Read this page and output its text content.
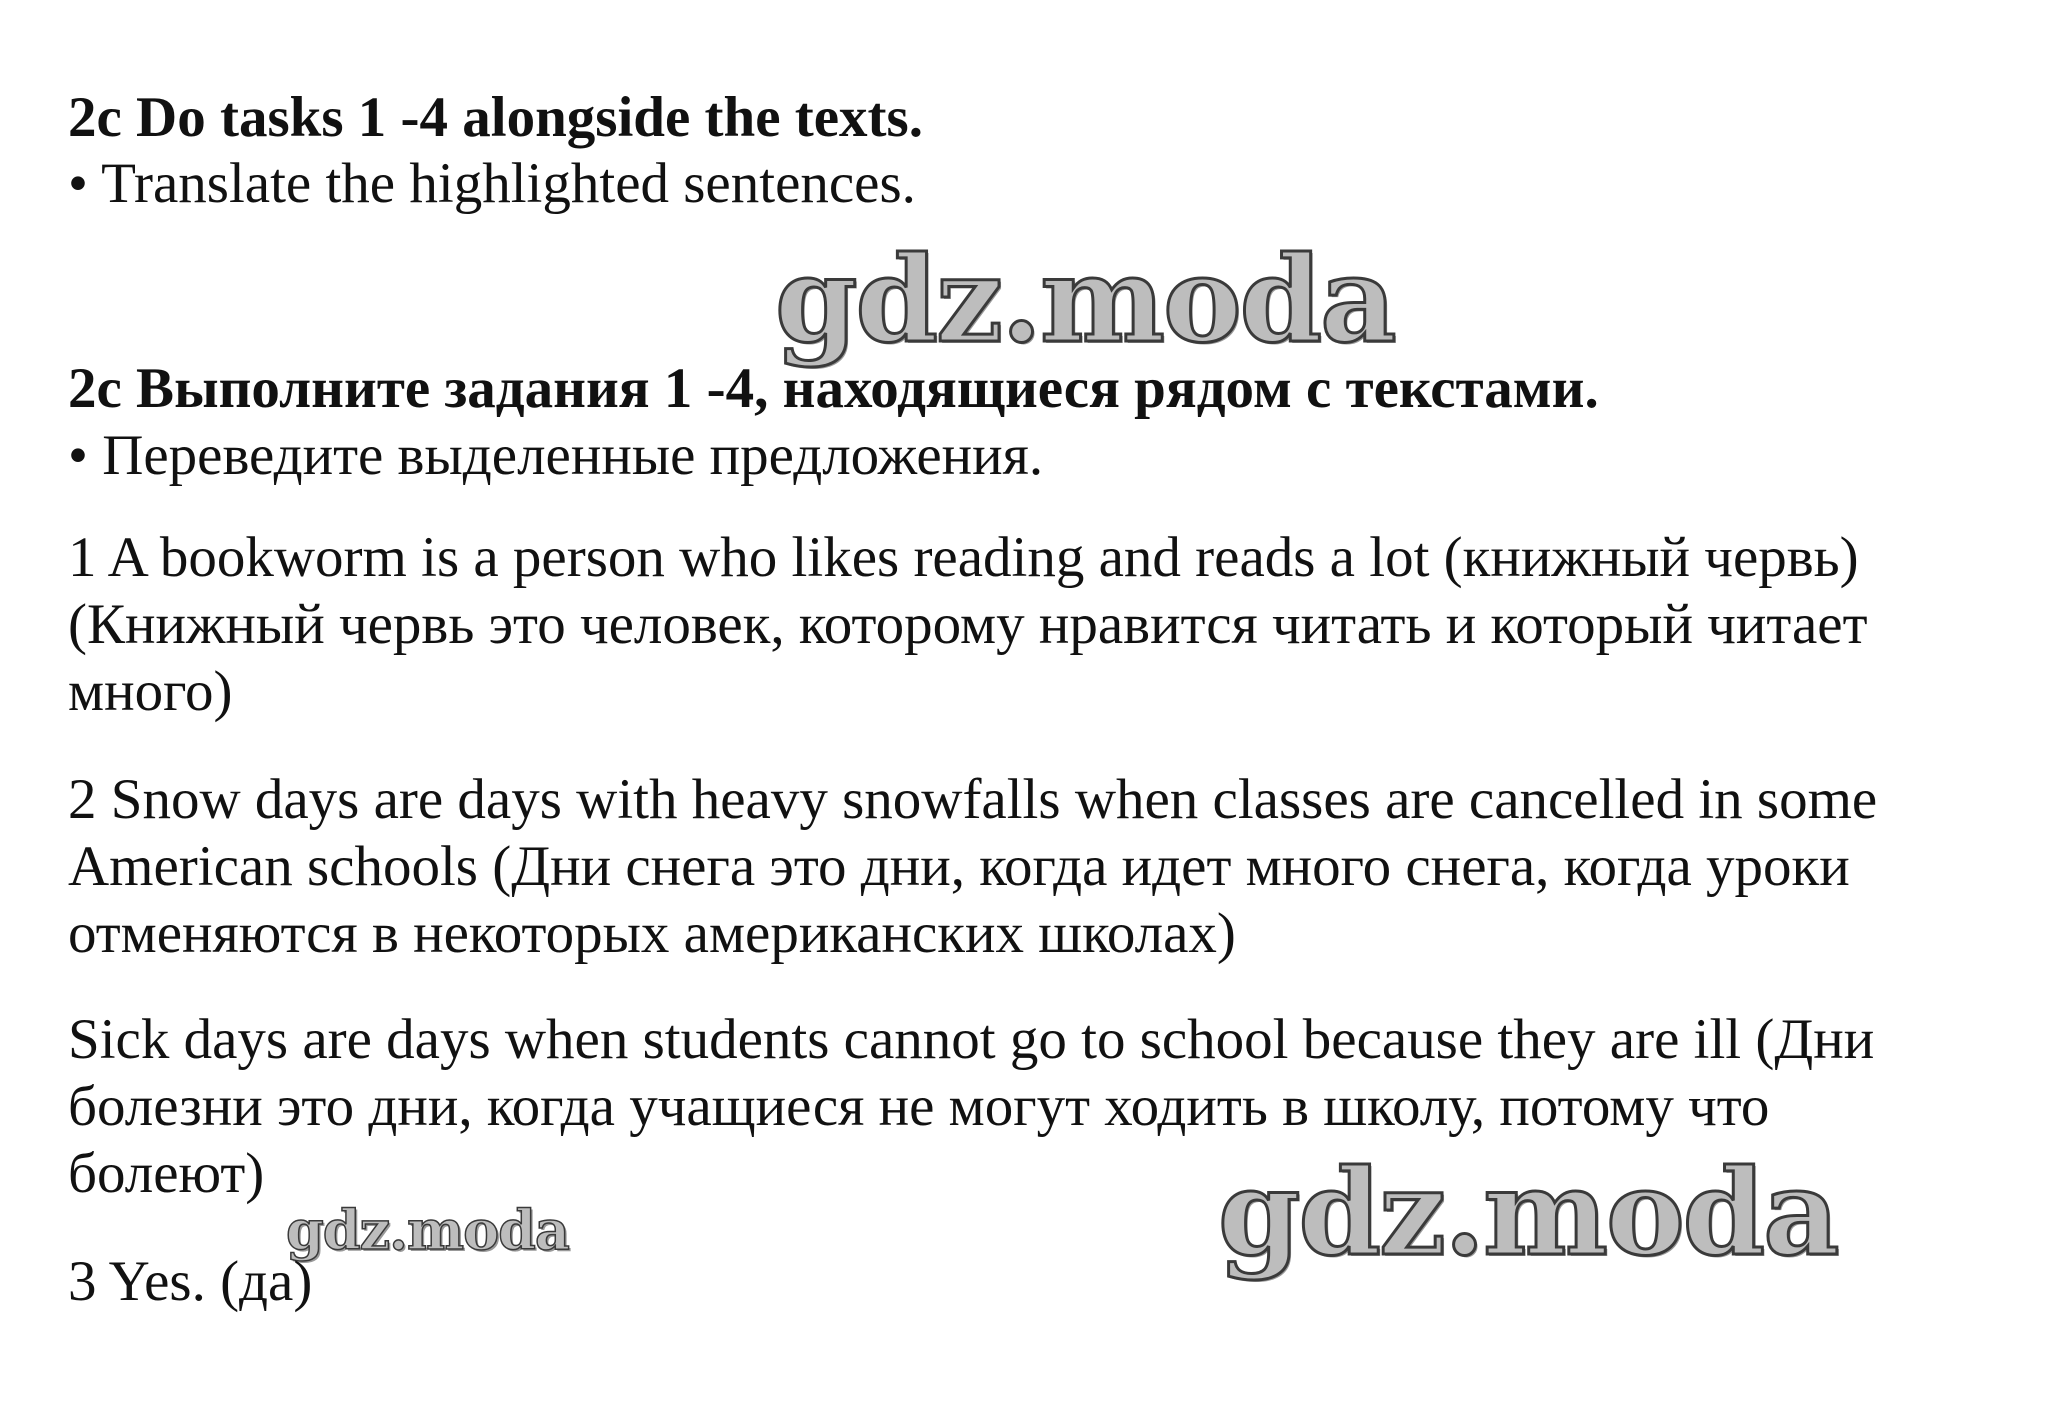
2c Do tasks 1 -4 alongside the texts.
• Translate the highlighted sentences.
gdz.moda
2c Выполните задания 1 -4, находящиеся рядом с текстами.
• Переведите выделенные предложения.
1 A bookworm is a person who likes reading and reads a lot (книжный червь)
(Книжный червь это человек, которому нравится читать и который читает
много)
2 Snow days are days with heavy snowfalls when classes are cancelled in some
American schools (Дни снега это дни, когда идет много снега, когда уроки
отменяются в некоторых американских школах)
Sick days are days when students cannot go to school because they are ill (Дни
болезни это дни, когда учащиеся не могут ходить в школу, потому что
болеют)
gdz.moda	gdz.moda
3 Yes. (да)
